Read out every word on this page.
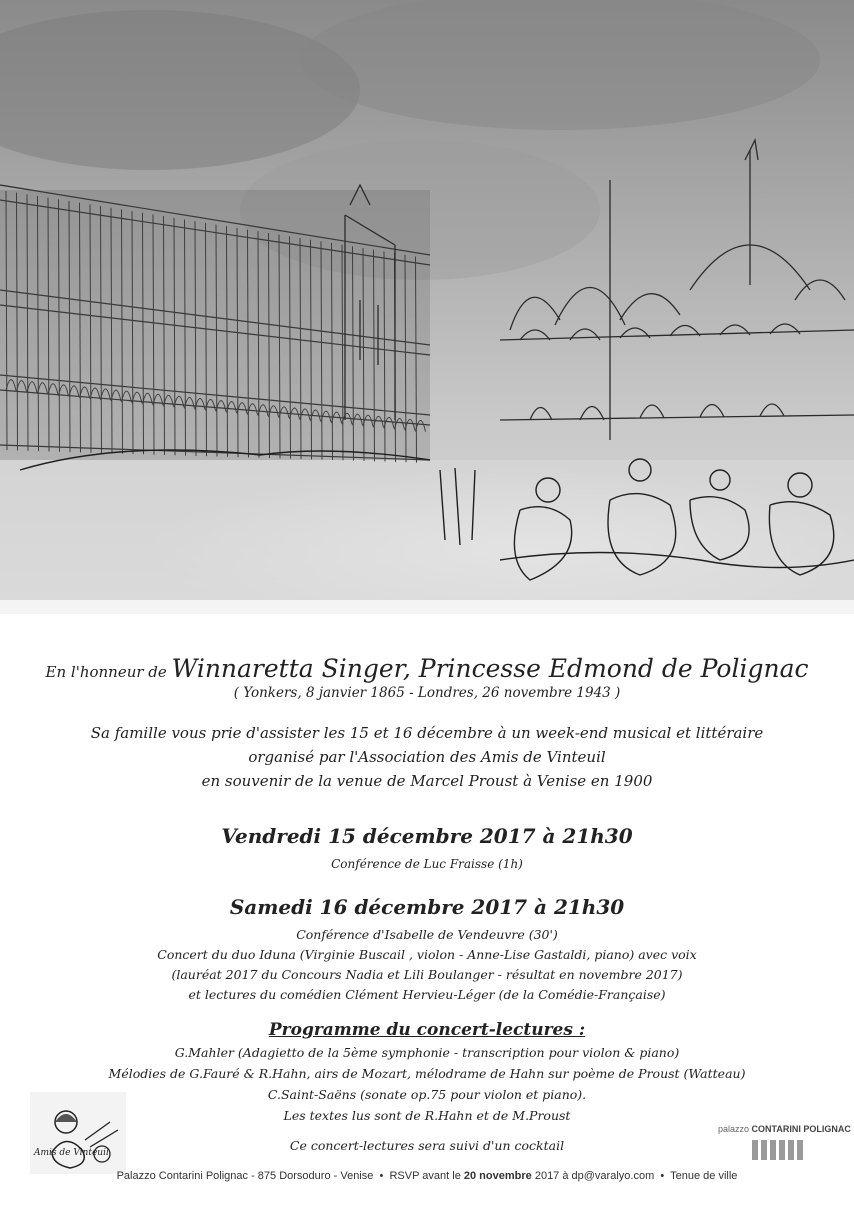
En l'honneur de Winnaretta Singer, Princesse Edmond de Polignac
( Yonkers, 8 janvier 1865 - Londres, 26 novembre 1943 )
Sa famille vous prie d'assister les 15 et 16 décembre à un week-end musical et littéraire
organisé par l'Association des Amis de Vinteuil
en souvenir de la venue de Marcel Proust à Venise en 1900
Vendredi 15 décembre 2017 à 21h30
Conférence de Luc Fraisse (1h)
Samedi 16 décembre 2017 à 21h30
Conférence d'Isabelle de Vendeuvre (30')
Concert du duo Iduna (Virginie Buscail , violon - Anne-Lise Gastaldi, piano) avec voix
(lauréat 2017 du Concours Nadia et Lili Boulanger - résultat en novembre 2017)
et lectures du comédien Clément Hervieu-Léger (de la Comédie-Française)
Programme du concert-lectures :
G.Mahler (Adagietto de la 5ème symphonie - transcription pour violon & piano)
Mélodies de G.Fauré & R.Hahn, airs de Mozart, mélodrame de Hahn sur poème de Proust (Watteau)
C.Saint-Saëns (sonate op.75 pour violon et piano).
Les textes lus sont de R.Hahn et de M.Proust
Ce concert-lectures sera suivi d'un cocktail
Amis de Vinteuil
palazzo CONTARINI POLIGNAC
Palazzo Contarini Polignac - 875 Dorsoduro - Venise • RSVP avant le 20 novembre 2017 à dp@varalyo.com • Tenue de ville
